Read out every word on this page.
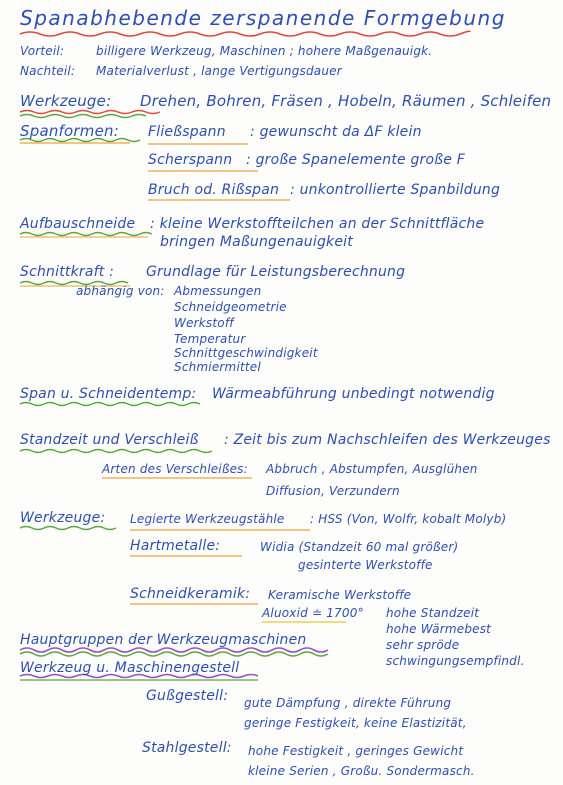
Spanabhebende zerspanende Formgebung
Vorteil:	billigere Werkzeug, Maschinen ; hohere Maßgenauigk.
Nachteil: Materialverlust , lange Vertigungsdauer
Werkzeuge: Drehen, Bohren, Fräsen , Hobeln, Räumen , Schleifen
Spanformen: Fließspann : gewunscht da ΔF klein
Scherspann : große Spanelemente große F
Bruch od. Rißspan : unkontrollierte Spanbildung
Aufbauschneide : kleine Werkstoffteilchen an der Schnittfläche
bringen Maßungenauigkeit
Schnittkraft : Grundlage für Leistungsberechnung
abhängig von: Abmessungen
Schneidgeometrie
Werkstoff
Temperatur
Schnittgeschwindigkeit
Schmiermittel
Span u. Schneidentemp: Wärmeabführung unbedingt notwendig
Standzeit und Verschleiß : Zeit bis zum Nachschleifen des Werkzeuges
Arten des Verschleißes: Abbruch , Abstumpfen, Ausglühen
Diffusion, Verzundern
Werkzeuge: Legierte Werkzeugstähle : HSS (Von, Wolfr, kobalt Molyb)
Hartmetalle:	Widia (Standzeit 60 mal größer)
gesinterte Werkstoffe
Schneidkeramik: Keramische Werkstoffe
Aluoxid ≐ 1700° hohe Standzeit
hohe Wärmebest
sehr spröde
schwingungsempfindl.
Hauptgruppen der Werkzeugmaschinen
Werkzeug u. Maschinengestell
Gußgestell: gute Dämpfung , direkte Führung
geringe Festigkeit, keine Elastizität,
Stahlgestell: hohe Festigkeit , geringes Gewicht
kleine Serien , Großu. Sondermasch.
